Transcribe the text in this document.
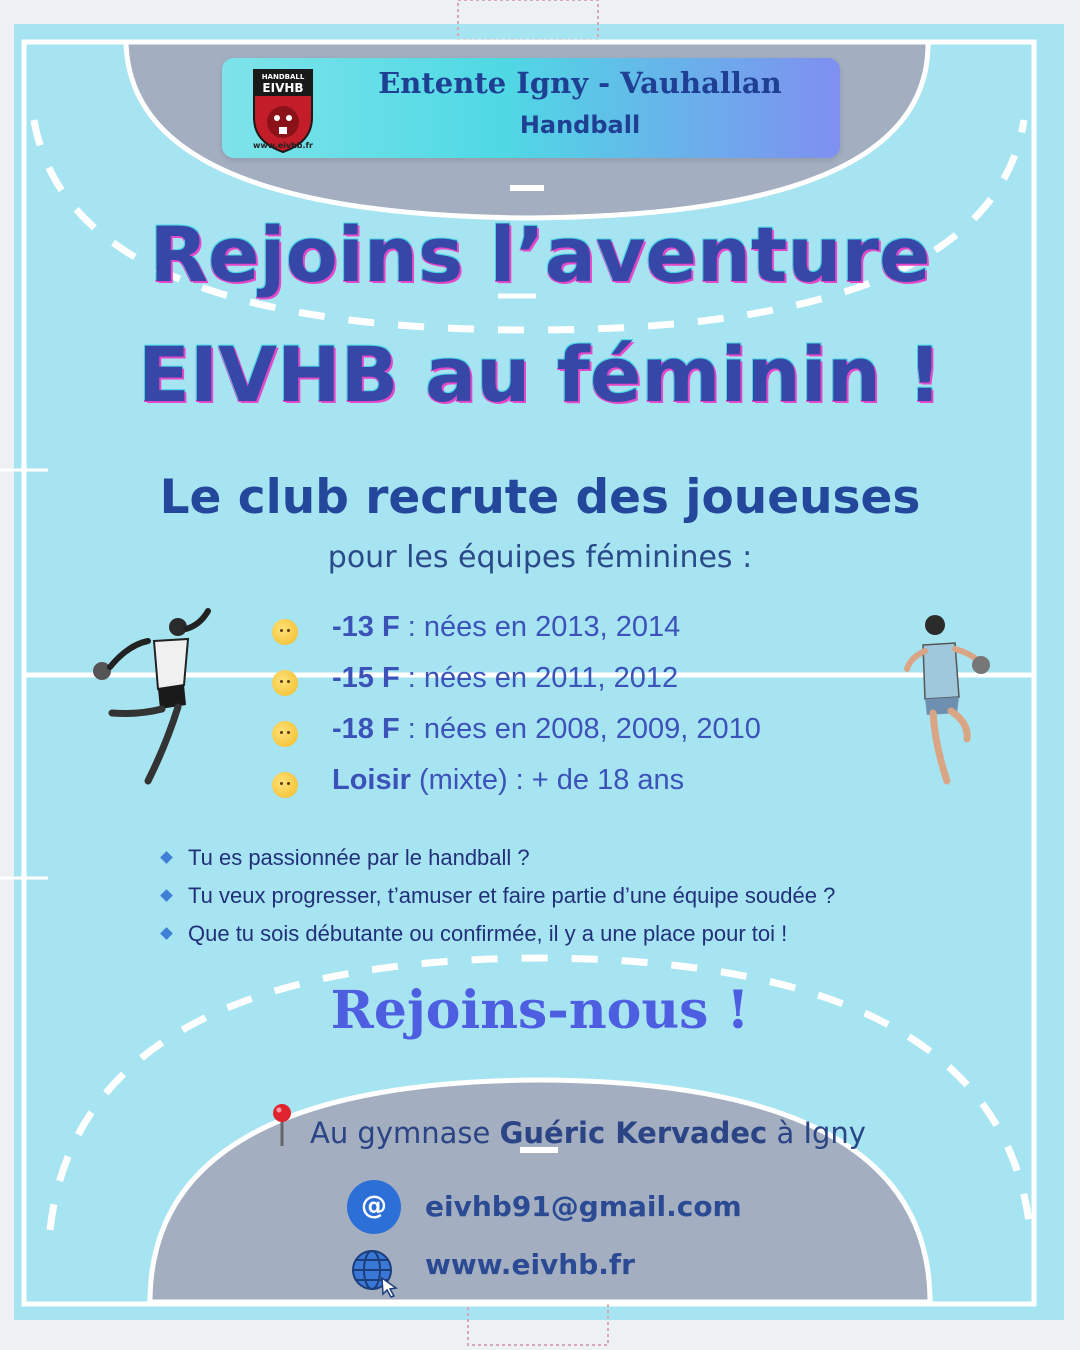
HANDBALL
EIVHB
www.eivhb.fr
Entente Igny - Vauhallan
Handball
Rejoins l’aventure
EIVHB au féminin !
Le club recrute des joueuses
pour les équipes féminines :
-13 F : nées en 2013, 2014
-15 F : nées en 2011, 2012
-18 F : nées en 2008, 2009, 2010
Loisir (mixte) : + de 18 ans
Tu es passionnée par le handball ?
Tu veux progresser, t’amuser et faire partie d’une équipe soudée ?
Que tu sois débutante ou confirmée, il y a une place pour toi !
Rejoins-nous !
Au gymnase Guéric Kervadec à Igny
@	eivhb91@gmail.com
www.eivhb.fr
